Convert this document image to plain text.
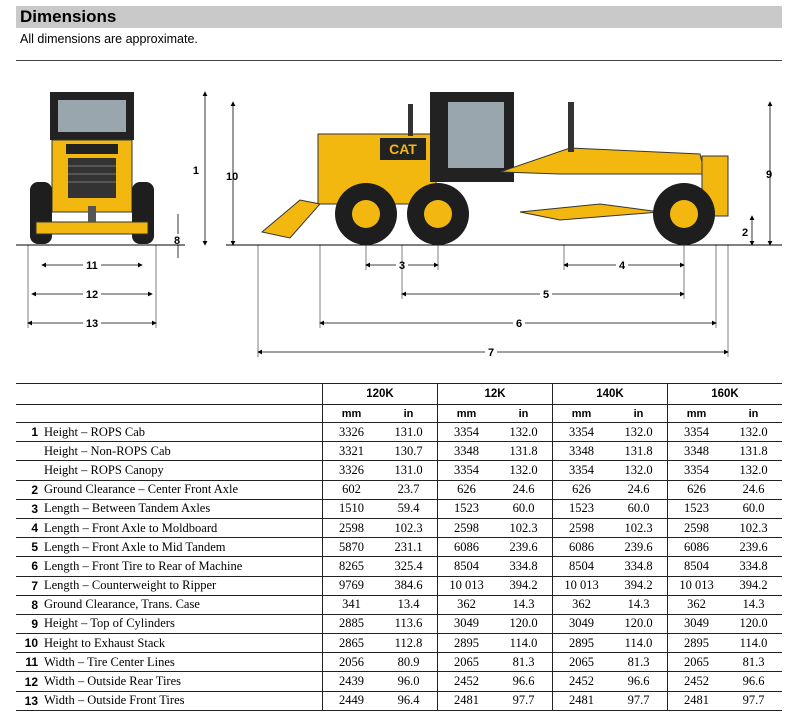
Dimensions
All dimensions are approximate.
1
8
11
12
13
CAT
10	9
2
3	4
5
6
7
		120K		12K		140K		160K	
		mm	in	mm	in	mm	in	mm	in
1	Height – ROPS Cab	3326	131.0	3354	132.0	3354	132.0	3354	132.0
	Height – Non-ROPS Cab	3321	130.7	3348	131.8	3348	131.8	3348	131.8
	Height – ROPS Canopy	3326	131.0	3354	132.0	3354	132.0	3354	132.0
2	Ground Clearance – Center Front Axle	602	23.7	626	24.6	626	24.6	626	24.6
3	Length – Between Tandem Axles	1510	59.4	1523	60.0	1523	60.0	1523	60.0
4	Length – Front Axle to Moldboard	2598	102.3	2598	102.3	2598	102.3	2598	102.3
5	Length – Front Axle to Mid Tandem	5870	231.1	6086	239.6	6086	239.6	6086	239.6
6	Length – Front Tire to Rear of Machine	8265	325.4	8504	334.8	8504	334.8	8504	334.8
7	Length – Counterweight to Ripper	9769	384.6	10 013	394.2	10 013	394.2	10 013	394.2
8	Ground Clearance, Trans. Case	341	13.4	362	14.3	362	14.3	362	14.3
9	Height – Top of Cylinders	2885	113.6	3049	120.0	3049	120.0	3049	120.0
10	Height to Exhaust Stack	2865	112.8	2895	114.0	2895	114.0	2895	114.0
11	Width – Tire Center Lines	2056	80.9	2065	81.3	2065	81.3	2065	81.3
12	Width – Outside Rear Tires	2439	96.0	2452	96.6	2452	96.6	2452	96.6
13	Width – Outside Front Tires	2449	96.4	2481	97.7	2481	97.7	2481	97.7
